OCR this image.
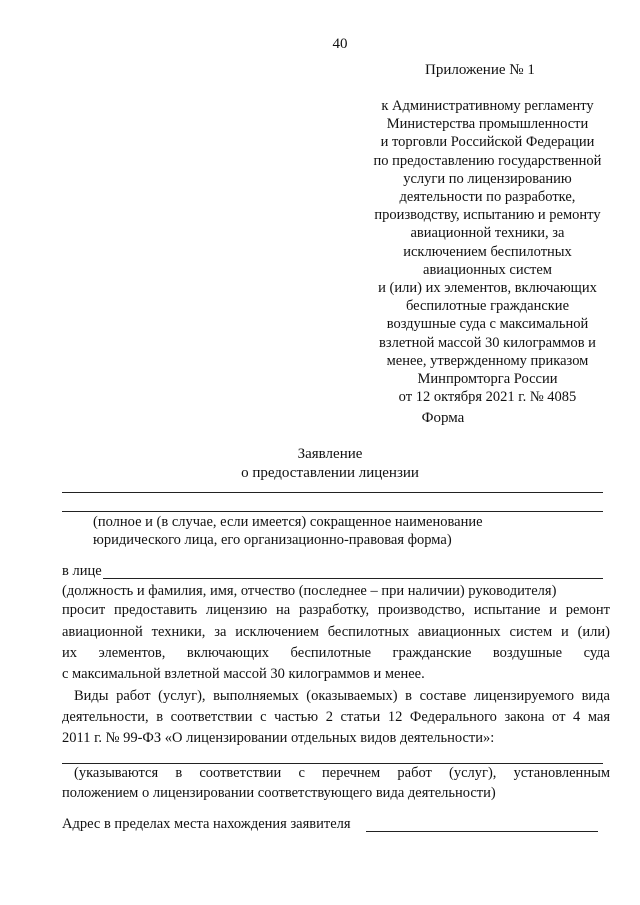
40
Приложение № 1
к Административному регламенту
Министерства промышленности
и торговли Российской Федерации
по предоставлению государственной
услуги по лицензированию
деятельности по разработке,
производству, испытанию и ремонту
авиационной техники, за
исключением беспилотных
авиационных систем
и (или) их элементов, включающих
беспилотные гражданские
воздушные суда с максимальной
взлетной массой 30 килограммов и
менее, утвержденному приказом
Минпромторга России
от 12 октября 2021 г. № 4085
Форма
Заявление
о предоставлении лицензии
(полное и (в случае, если имеется) сокращенное наименование
юридического лица, его организационно-правовая форма)
в лице
(должность и фамилия, имя, отчество (последнее – при наличии) руководителя)
просит предоставить лицензию на разработку, производство, испытание и ремонт
авиационной техники, за исключением беспилотных авиационных систем и (или)
их элементов, включающих беспилотные гражданские воздушные суда
с максимальной взлетной массой 30 килограммов и менее.
Виды работ (услуг), выполняемых (оказываемых) в составе лицензируемого вида
деятельности, в соответствии с частью 2 статьи 12 Федерального закона от 4 мая
2011 г. № 99-ФЗ «О лицензировании отдельных видов деятельности»:
(указываются в соответствии с перечнем работ (услуг), установленным
положением о лицензировании соответствующего вида деятельности)
Адрес в пределах места нахождения заявителя
